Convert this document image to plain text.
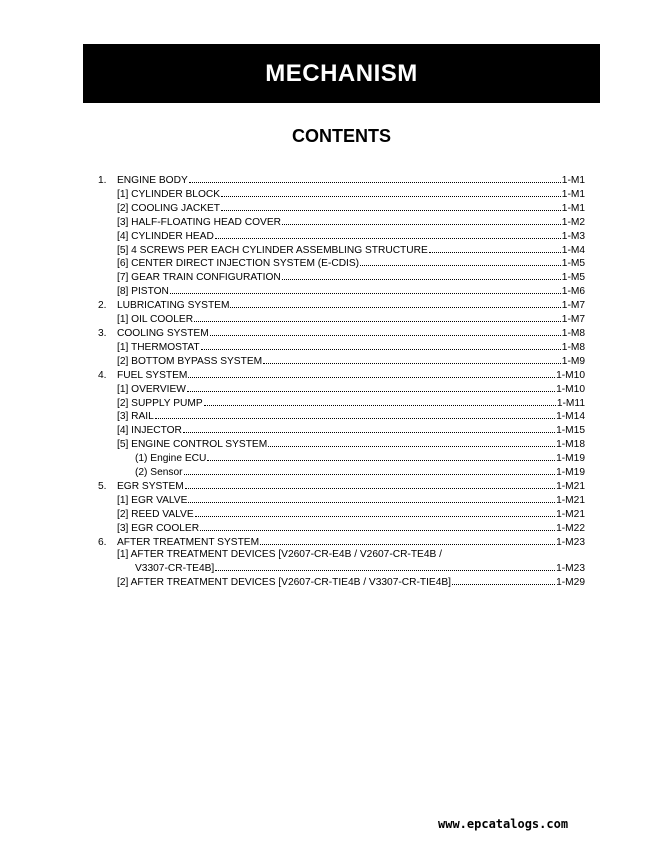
MECHANISM
CONTENTS
1.	ENGINE BODY	1-M1
[1] CYLINDER BLOCK	1-M1
[2] COOLING JACKET	1-M1
[3] HALF-FLOATING HEAD COVER	1-M2
[4] CYLINDER HEAD	1-M3
[5] 4 SCREWS PER EACH CYLINDER ASSEMBLING STRUCTURE	1-M4
[6] CENTER DIRECT INJECTION SYSTEM (E-CDIS)	1-M5
[7] GEAR TRAIN CONFIGURATION	1-M5
[8] PISTON	1-M6
2.	LUBRICATING SYSTEM	1-M7
[1] OIL COOLER	1-M7
3.	COOLING SYSTEM	1-M8
[1] THERMOSTAT	1-M8
[2] BOTTOM BYPASS SYSTEM	1-M9
4.	FUEL SYSTEM	1-M10
[1] OVERVIEW	1-M10
[2] SUPPLY PUMP	1-M11
[3] RAIL	1-M14
[4] INJECTOR	1-M15
[5] ENGINE CONTROL SYSTEM	1-M18
(1) Engine ECU	1-M19
(2) Sensor	1-M19
5.	EGR SYSTEM	1-M21
[1] EGR VALVE	1-M21
[2] REED VALVE	1-M21
[3] EGR COOLER	1-M22
6.	AFTER TREATMENT SYSTEM	1-M23
[1] AFTER TREATMENT DEVICES [V2607-CR-E4B / V2607-CR-TE4B /
V3307-CR-TE4B]	1-M23
[2] AFTER TREATMENT DEVICES [V2607-CR-TIE4B / V3307-CR-TIE4B]	1-M29
www.epcatalogs.com
